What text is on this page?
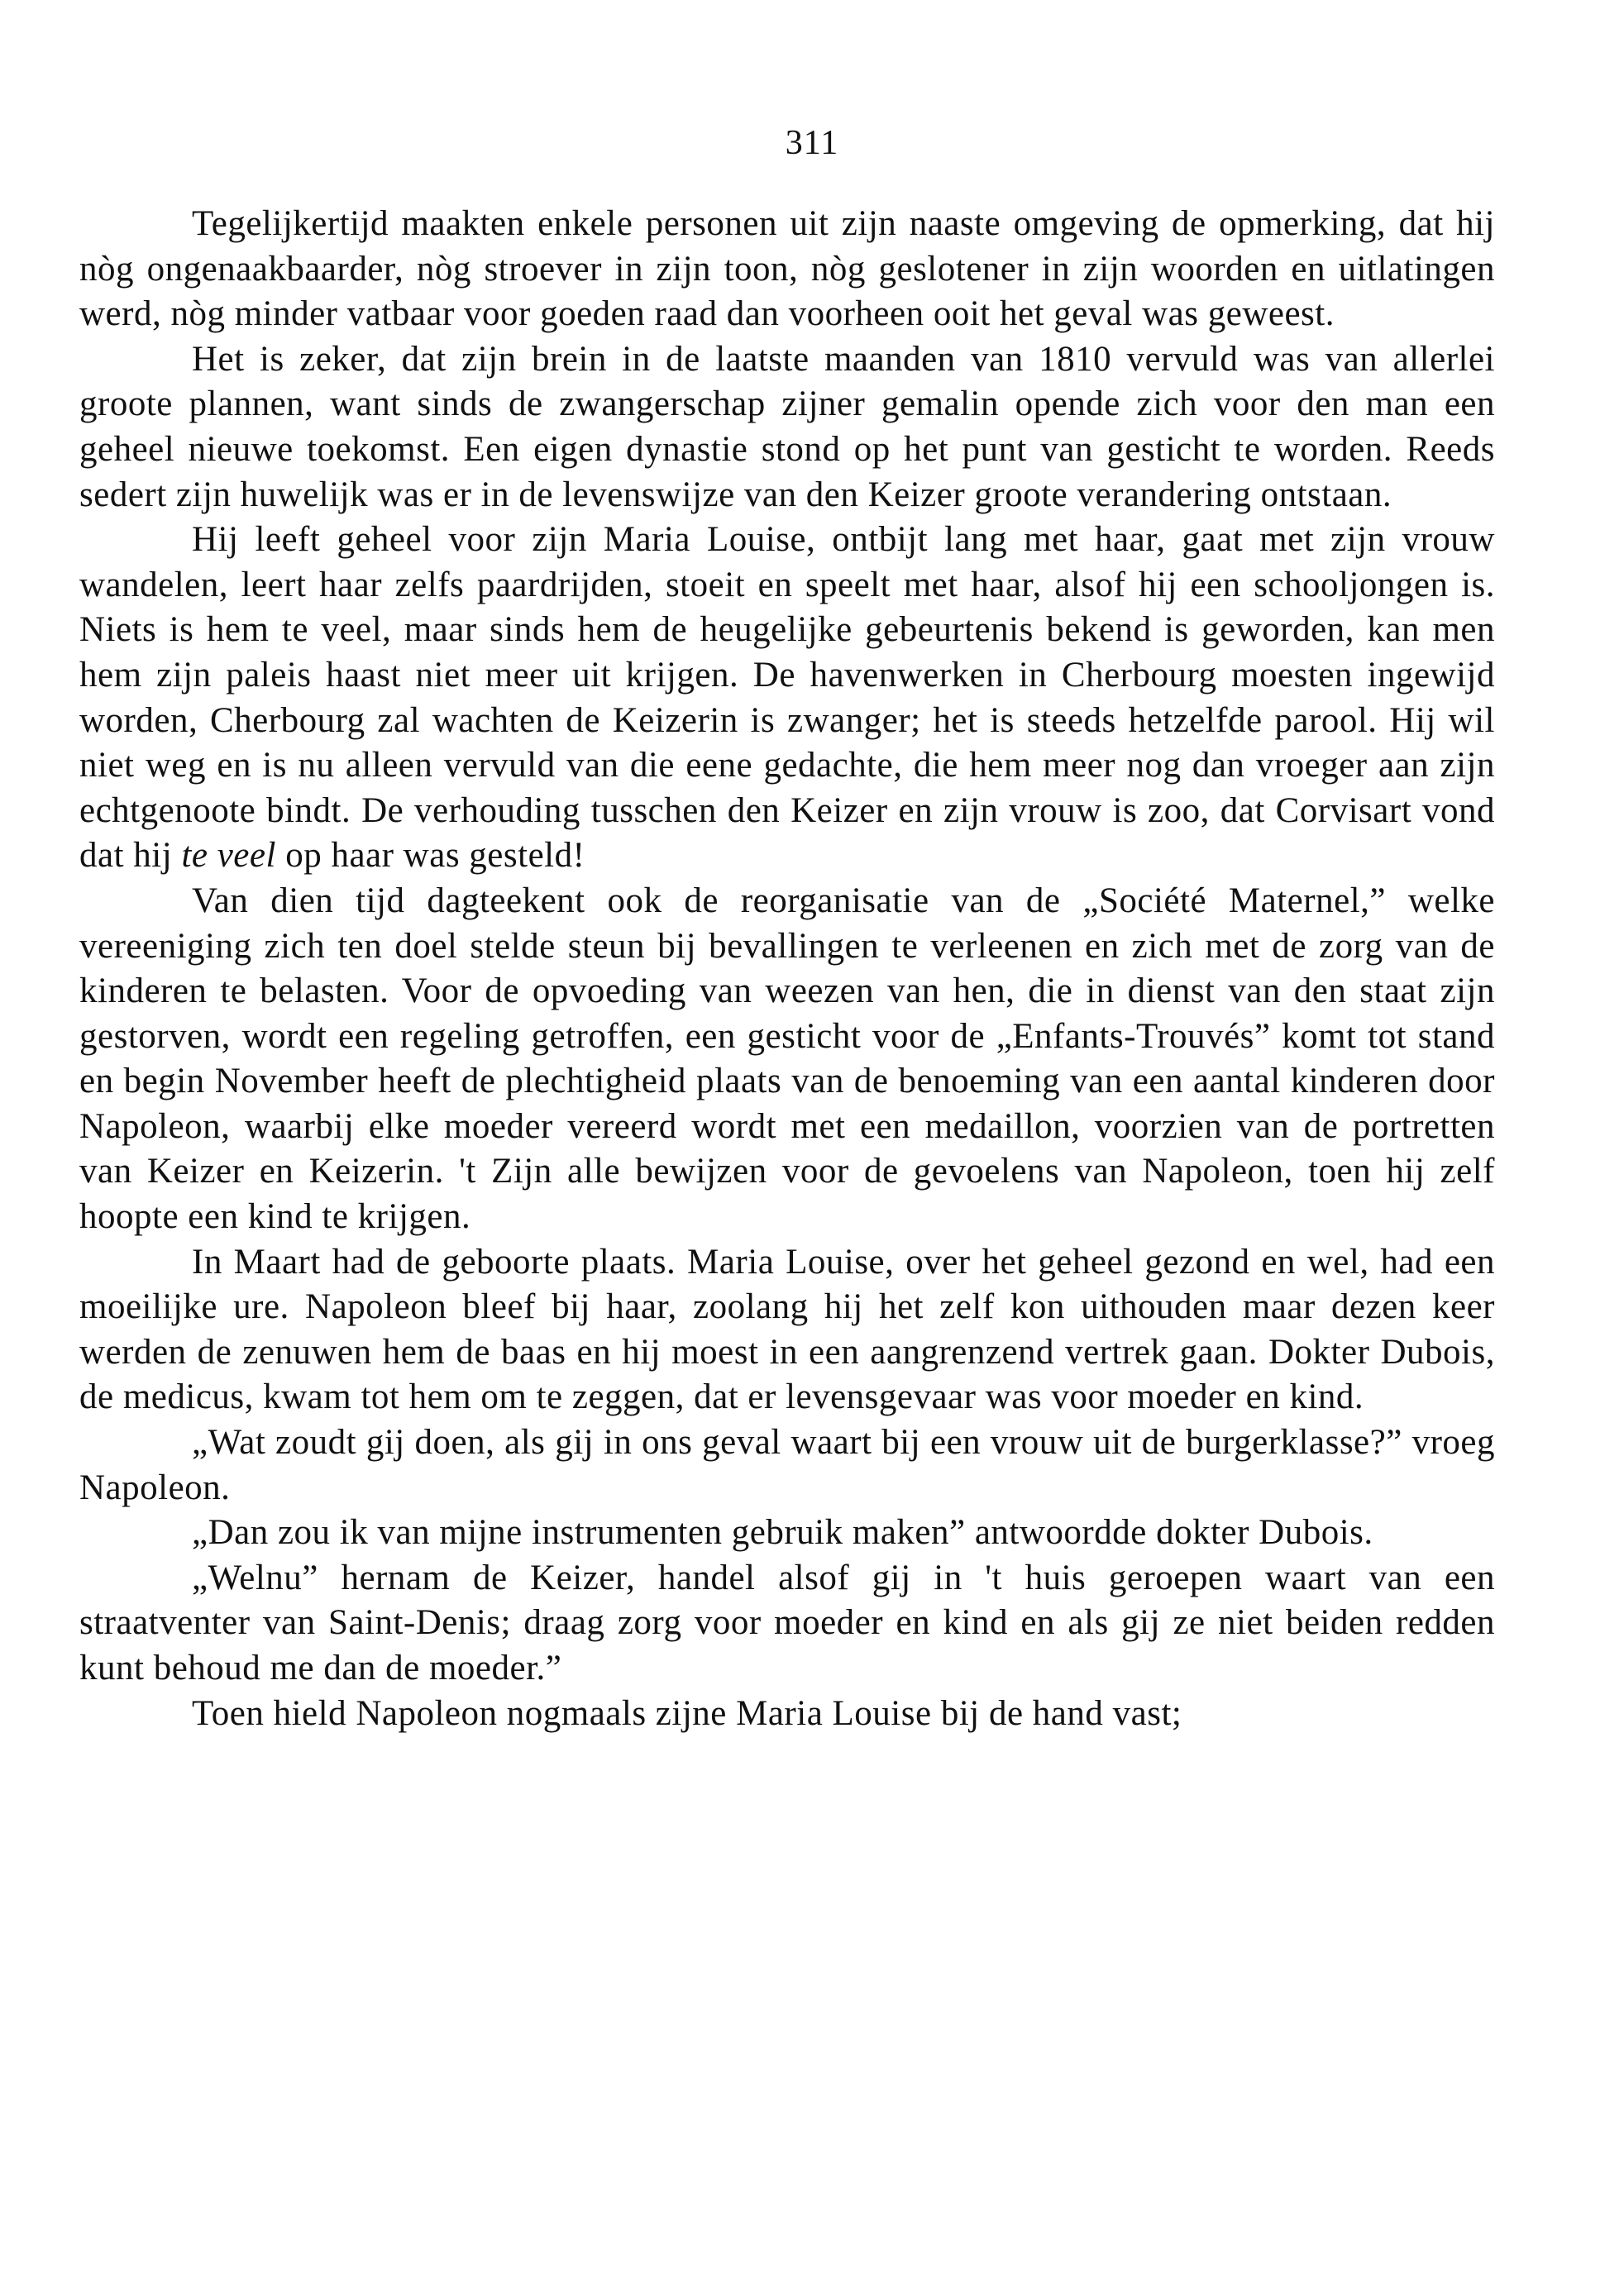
311

Tegelijkertijd maakten enkele personen uit zijn naaste omgeving de opmerking, dat hij nòg ongenaakbaarder, nòg stroever in zijn toon, nòg geslotener in zijn woorden en uitlatingen werd, nòg minder vatbaar voor goeden raad dan voorheen ooit het geval was geweest.

Het is zeker, dat zijn brein in de laatste maanden van 1810 vervuld was van allerlei groote plannen, want sinds de zwangerschap zijner gemalin opende zich voor den man een geheel nieuwe toekomst. Een eigen dynastie stond op het punt van gesticht te worden. Reeds sedert zijn huwelijk was er in de levenswijze van den Keizer groote verandering ontstaan.

Hij leeft geheel voor zijn Maria Louise, ontbijt lang met haar, gaat met zijn vrouw wandelen, leert haar zelfs paardrijden, stoeit en speelt met haar, alsof hij een schooljongen is. Niets is hem te veel, maar sinds hem de heugelijke gebeurtenis bekend is geworden, kan men hem zijn paleis haast niet meer uit krijgen. De havenwerken in Cherbourg moesten ingewijd worden, Cherbourg zal wachten de Keizerin is zwanger; het is steeds hetzelfde parool. Hij wil niet weg en is nu alleen vervuld van die eene gedachte, die hem meer nog dan vroeger aan zijn echtgenoote bindt. De verhouding tusschen den Keizer en zijn vrouw is zoo, dat Corvisart vond dat hij te veel op haar was gesteld!

Van dien tijd dagteekent ook de reorganisatie van de „Société Maternel,” welke vereeniging zich ten doel stelde steun bij bevallingen te verleenen en zich met de zorg van de kinderen te belasten. Voor de opvoeding van weezen van hen, die in dienst van den staat zijn gestorven, wordt een regeling getroffen, een gesticht voor de „Enfants-Trouvés” komt tot stand en begin November heeft de plechtigheid plaats van de benoeming van een aantal kinderen door Napoleon, waarbij elke moeder vereerd wordt met een medaillon, voorzien van de portretten van Keizer en Keizerin. 't Zijn alle bewijzen voor de gevoelens van Napoleon, toen hij zelf hoopte een kind te krijgen.

In Maart had de geboorte plaats. Maria Louise, over het geheel gezond en wel, had een moeilijke ure. Napoleon bleef bij haar, zoolang hij het zelf kon uithouden maar dezen keer werden de zenuwen hem de baas en hij moest in een aangrenzend vertrek gaan. Dokter Dubois, de medicus, kwam tot hem om te zeggen, dat er levensgevaar was voor moeder en kind.

„Wat zoudt gij doen, als gij in ons geval waart bij een vrouw uit de burgerklasse?” vroeg Napoleon.

„Dan zou ik van mijne instrumenten gebruik maken” antwoordde dokter Dubois.

„Welnu” hernam de Keizer, handel alsof gij in 't huis geroepen waart van een straatventer van Saint-Denis; draag zorg voor moeder en kind en als gij ze niet beiden redden kunt behoud me dan de moeder.”

Toen hield Napoleon nogmaals zijne Maria Louise bij de hand vast;
